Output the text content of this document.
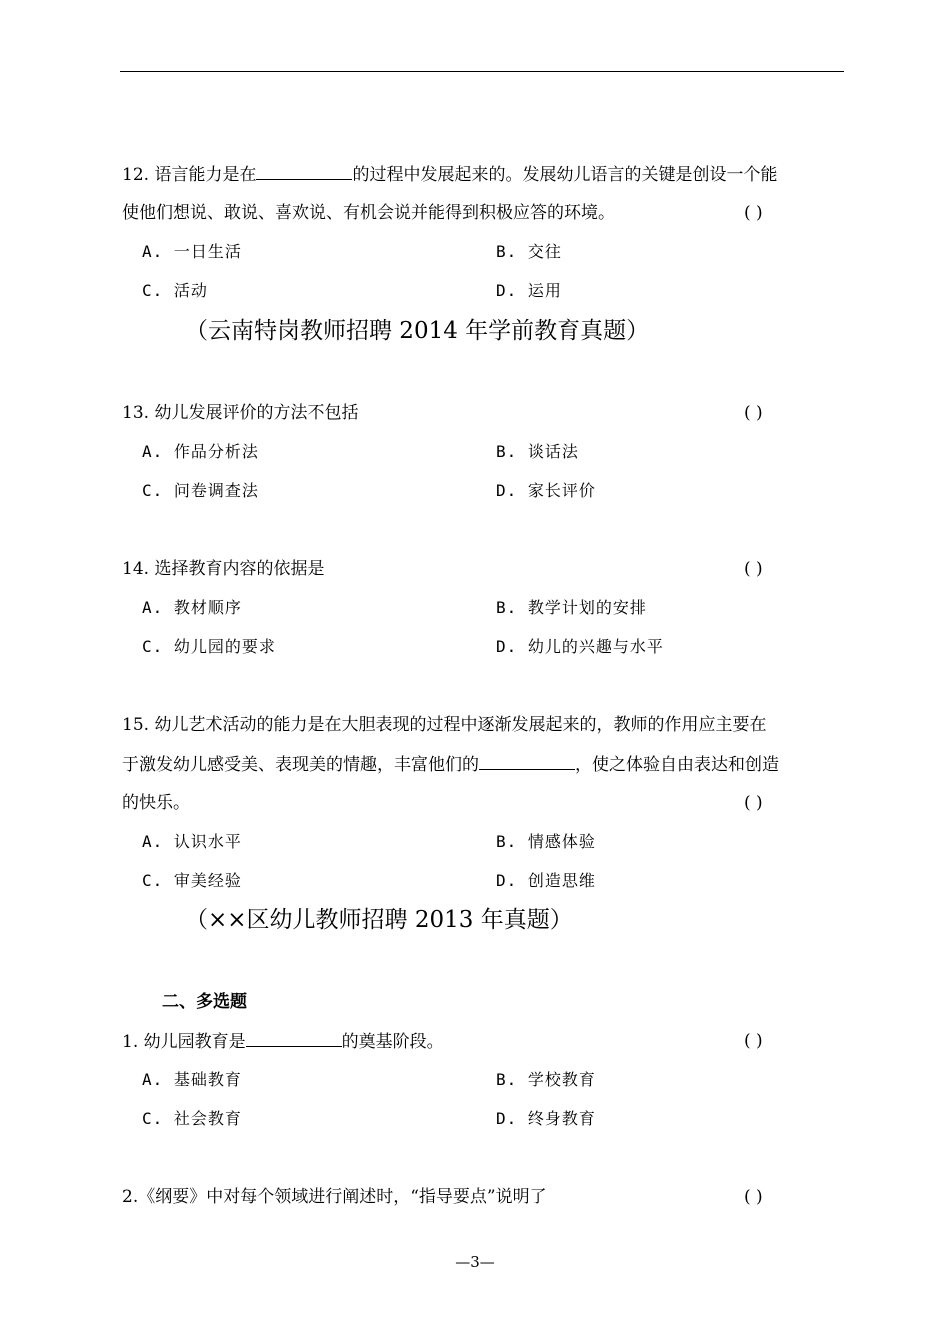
12. 语言能力是在	的过程中发展起来的。发展幼儿语言的关键是创设一个能
使他们想说、敢说、喜欢说、有机会说并能得到积极应答的环境。	( )
A. 一日生活	B. 交往
C. 活动	D. 运用
（云南特岗教师招聘 2014 年学前教育真题）
13. 幼儿发展评价的方法不包括	( )
A. 作品分析法	B. 谈话法
C. 问卷调查法	D. 家长评价
14. 选择教育内容的依据是	( )
A. 教材顺序	B. 教学计划的安排
C. 幼儿园的要求	D. 幼儿的兴趣与水平
15. 幼儿艺术活动的能力是在大胆表现的过程中逐渐发展起来的，教师的作用应主要在
于激发幼儿感受美、表现美的情趣，丰富他们的	，使之体验自由表达和创造
的快乐。	( )
A. 认识水平	B. 情感体验
C. 审美经验	D. 创造思维
（××区幼儿教师招聘 2013 年真题）
二、多选题
1. 幼儿园教育是	的奠基阶段。	( )
A. 基础教育	B. 学校教育
C. 社会教育	D. 终身教育
2.《纲要》中对每个领域进行阐述时，“指导要点”说明了	( )
—3—
